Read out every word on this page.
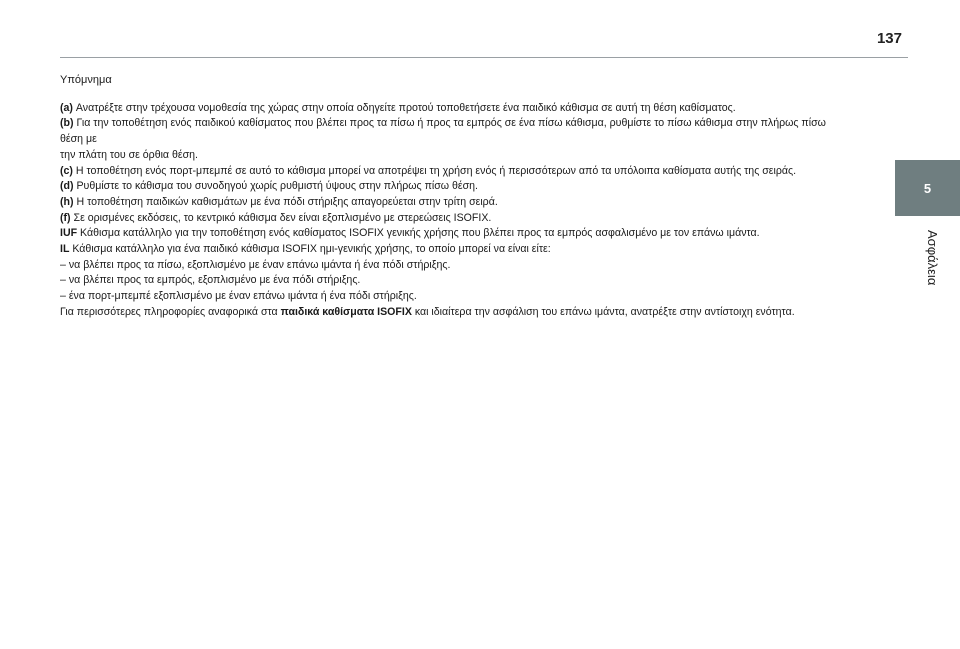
137
5
Ασφάλεια

Υπόμνημα

(a) Ανατρέξτε στην τρέχουσα νομοθεσία της χώρας στην οποία οδηγείτε προτού τοποθετήσετε ένα παιδικό κάθισμα σε αυτή τη θέση καθίσματος.

(b) Για την τοποθέτηση ενός παιδικού καθίσματος που βλέπει προς τα πίσω ή προς τα εμπρός σε ένα πίσω κάθισμα, ρυθμίστε το πίσω κάθισμα στην πλήρως πίσω θέση με

την πλάτη του σε όρθια θέση.

(c) Η τοποθέτηση ενός πορτ-μπεμπέ σε αυτό το κάθισμα μπορεί να αποτρέψει τη χρήση ενός ή περισσότερων από τα υπόλοιπα καθίσματα αυτής της σειράς.

(d) Ρυθμίστε το κάθισμα του συνοδηγού χωρίς ρυθμιστή ύψους στην πλήρως πίσω θέση.

(h) Η τοποθέτηση παιδικών καθισμάτων με ένα πόδι στήριξης απαγορεύεται στην τρίτη σειρά.

(f) Σε ορισμένες εκδόσεις, το κεντρικό κάθισμα δεν είναι εξοπλισμένο με στερεώσεις ISOFIX.

IUF Κάθισμα κατάλληλο για την τοποθέτηση ενός καθίσματος ISOFIX γενικής χρήσης που βλέπει προς τα εμπρός ασφαλισμένο με τον επάνω ιμάντα.

IL Κάθισμα κατάλληλο για ένα παιδικό κάθισμα ISOFIX ημι-γενικής χρήσης, το οποίο μπορεί να είναι είτε:

– να βλέπει προς τα πίσω, εξοπλισμένο με έναν επάνω ιμάντα ή ένα πόδι στήριξης.

– να βλέπει προς τα εμπρός, εξοπλισμένο με ένα πόδι στήριξης.

– ένα πορτ-μπεμπέ εξοπλισμένο με έναν επάνω ιμάντα ή ένα πόδι στήριξης.

Για περισσότερες πληροφορίες αναφορικά στα παιδικά καθίσματα ISOFIX και ιδιαίτερα την ασφάλιση του επάνω ιμάντα, ανατρέξτε στην αντίστοιχη ενότητα.
